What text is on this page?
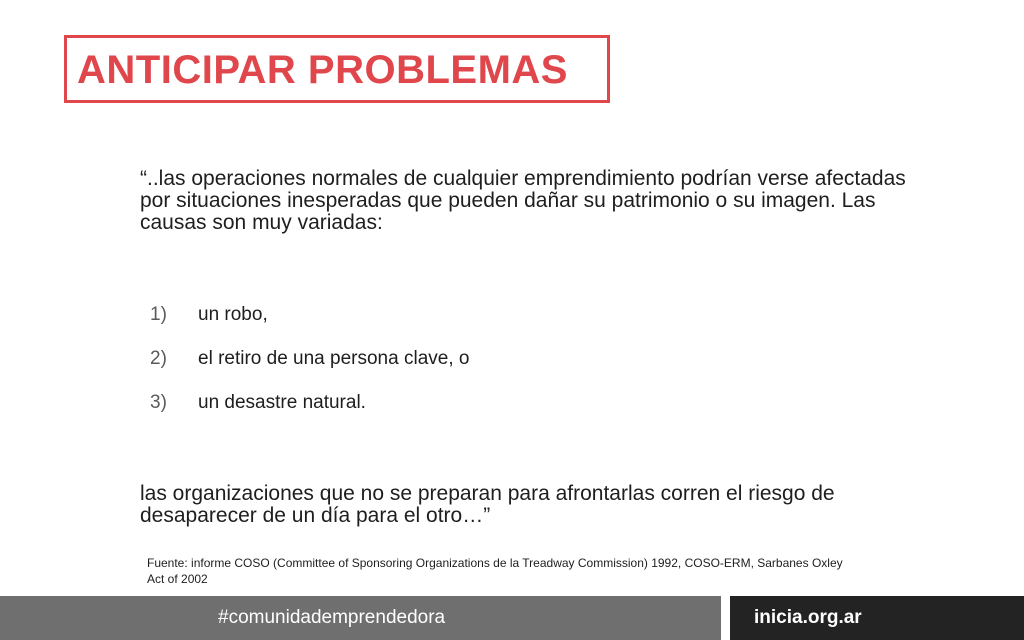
ANTICIPAR PROBLEMAS
“..las operaciones normales de cualquier emprendimiento podrían verse afectadas por situaciones inesperadas que pueden dañar su patrimonio o su imagen. Las causas son muy variadas:
1)	un robo,
2)	el retiro de una persona clave, o
3)	un desastre natural.
las organizaciones que no se preparan para afrontarlas corren el riesgo de desaparecer de un día para el otro…”
Fuente: informe COSO (Committee of Sponsoring Organizations de la Treadway Commission) 1992, COSO-ERM, Sarbanes Oxley Act of 2002
#comunidademprendedora	inicia.org.ar
